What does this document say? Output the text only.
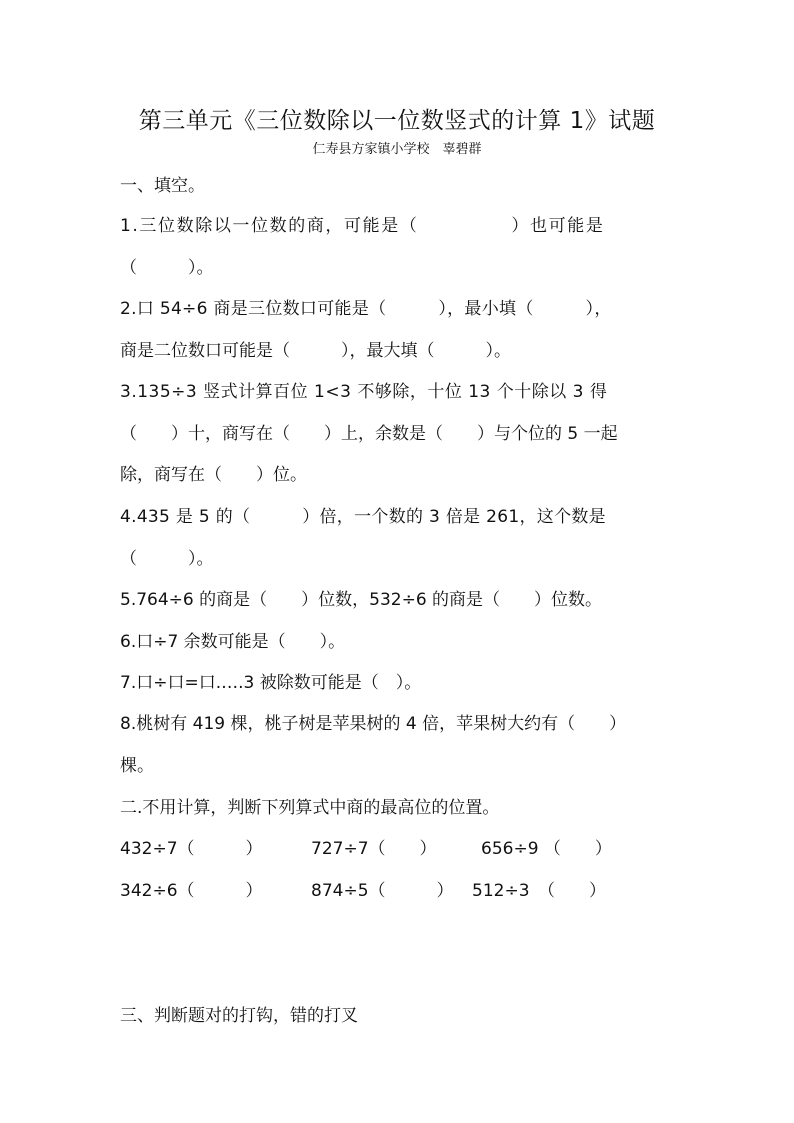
第三单元《三位数除以一位数竖式的计算 1》试题
仁寿县方家镇小学校　辜碧群
一、填空。
1.三位数除以一位数的商，可能是（　　　　　）也可能是
（　　　）。
2.口 54÷6 商是三位数口可能是（　　　），最小填（　　　），
商是二位数口可能是（　　　），最大填（　　　）。
3.135÷3 竖式计算百位 1<3 不够除，十位 13 个十除以 3 得
（　　）十，商写在（　　）上，余数是（　　）与个位的 5 一起
除，商写在（　　）位。
4.435 是 5 的（　　　）倍，一个数的 3 倍是 261，这个数是
（　　　）。
5.764÷6 的商是（　　）位数，532÷6 的商是（　　）位数。
6.口÷7 余数可能是（　　）。
7.口÷口=口.….3 被除数可能是（　）。
8.桃树有 419 棵，桃子树是苹果树的 4 倍，苹果树大约有（　　）
棵。
二.不用计算，判断下列算式中商的最高位的位置。
432÷7（　　　）	727÷7（　　）	656÷9 （　　）
342÷6（　　　）	874÷5（　　　） 512÷3　（　　）
三、判断题对的打钩，错的打叉
